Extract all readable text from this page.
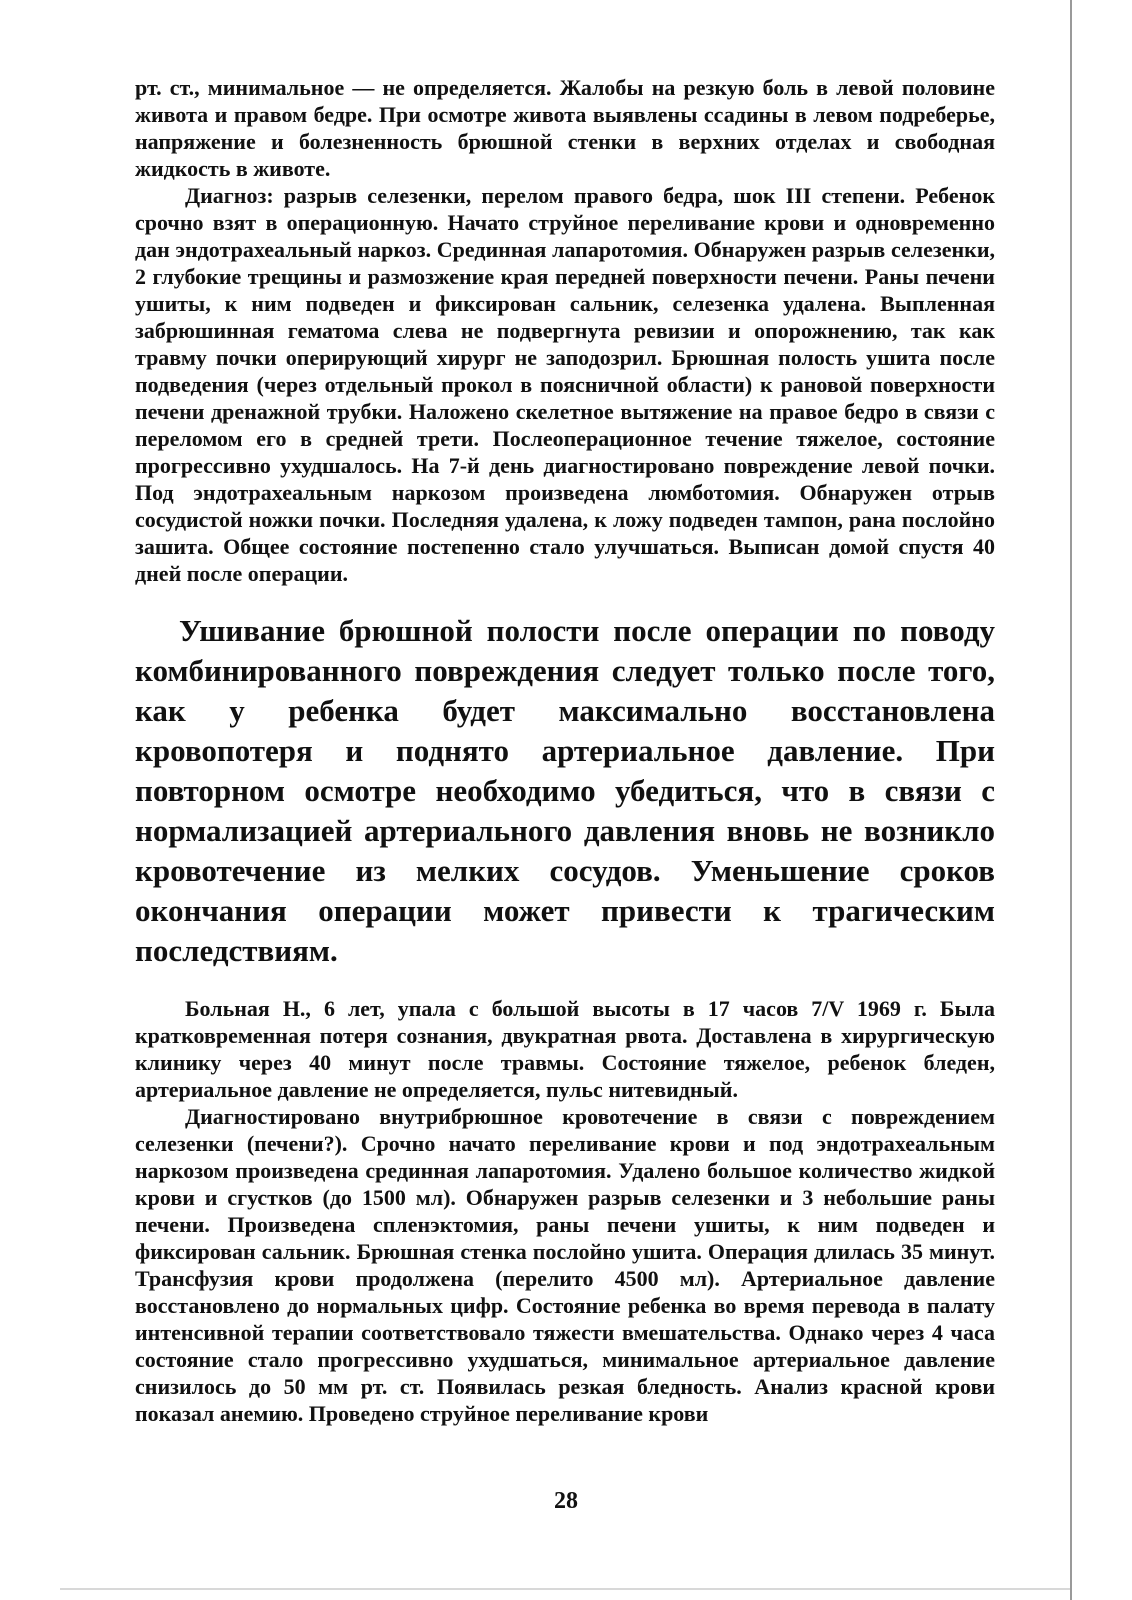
рт. ст., минимальное — не определяется. Жалобы на резкую боль в левой половине живота и правом бедре. При осмотре живота выявлены ссадины в левом подреберье, напряжение и болезненность брюшной стенки в верхних отделах и свободная жидкость в животе.

Диагноз: разрыв селезенки, перелом правого бедра, шок III степени. Ребенок срочно взят в операционную. Начато струйное переливание крови и одновременно дан эндотрахеальный наркоз. Срединная лапаротомия. Обнаружен разрыв селезенки, 2 глубокие трещины и размозжение края передней поверхности печени. Раны печени ушиты, к ним подведен и фиксирован сальник, селезенка удалена. Выпленная забрюшинная гематома слева не подвергнута ревизии и опорожнению, так как травму почки оперирующий хирург не заподозрил. Брюшная полость ушита после подведения (через отдельный прокол в поясничной области) к рановой поверхности печени дренажной трубки. Наложено скелетное вытяжение на правое бедро в связи с переломом его в средней трети. Послеоперационное течение тяжелое, состояние прогрессивно ухудшалось. На 7-й день диагностировано повреждение левой почки. Под эндотрахеальным наркозом произведена люмботомия. Обнаружен отрыв сосудистой ножки почки. Последняя удалена, к ложу подведен тампон, рана послойно зашита. Общее состояние постепенно стало улучшаться. Выписан домой спустя 40 дней после операции.

Ушивание брюшной полости после операции по поводу комбинированного повреждения следует только после того, как у ребенка будет максимально восстановлена кровопотеря и поднято артериальное давление. При повторном осмотре необходимо убедиться, что в связи с нормализацией артериального давления вновь не возникло кровотечение из мелких сосудов. Уменьшение сроков окончания операции может привести к трагическим последствиям.

Больная Н., 6 лет, упала с большой высоты в 17 часов 7/V 1969 г. Была кратковременная потеря сознания, двукратная рвота. Доставлена в хирургическую клинику через 40 минут после травмы. Состояние тяжелое, ребенок бледен, артериальное давление не определяется, пульс нитевидный.

Диагностировано внутрибрюшное кровотечение в связи с повреждением селезенки (печени?). Срочно начато переливание крови и под эндотрахеальным наркозом произведена срединная лапаротомия. Удалено большое количество жидкой крови и сгустков (до 1500 мл). Обнаружен разрыв селезенки и 3 небольшие раны печени. Произведена спленэктомия, раны печени ушиты, к ним подведен и фиксирован сальник. Брюшная стенка послойно ушита. Операция длилась 35 минут. Трансфузия крови продолжена (перелито 4500 мл). Артериальное давление восстановлено до нормальных цифр. Состояние ребенка во время перевода в палату интенсивной терапии соответствовало тяжести вмешательства. Однако через 4 часа состояние стало прогрессивно ухудшаться, минимальное артериальное давление снизилось до 50 мм рт. ст. Появилась резкая бледность. Анализ красной крови показал анемию. Проведено струйное переливание крови

28
